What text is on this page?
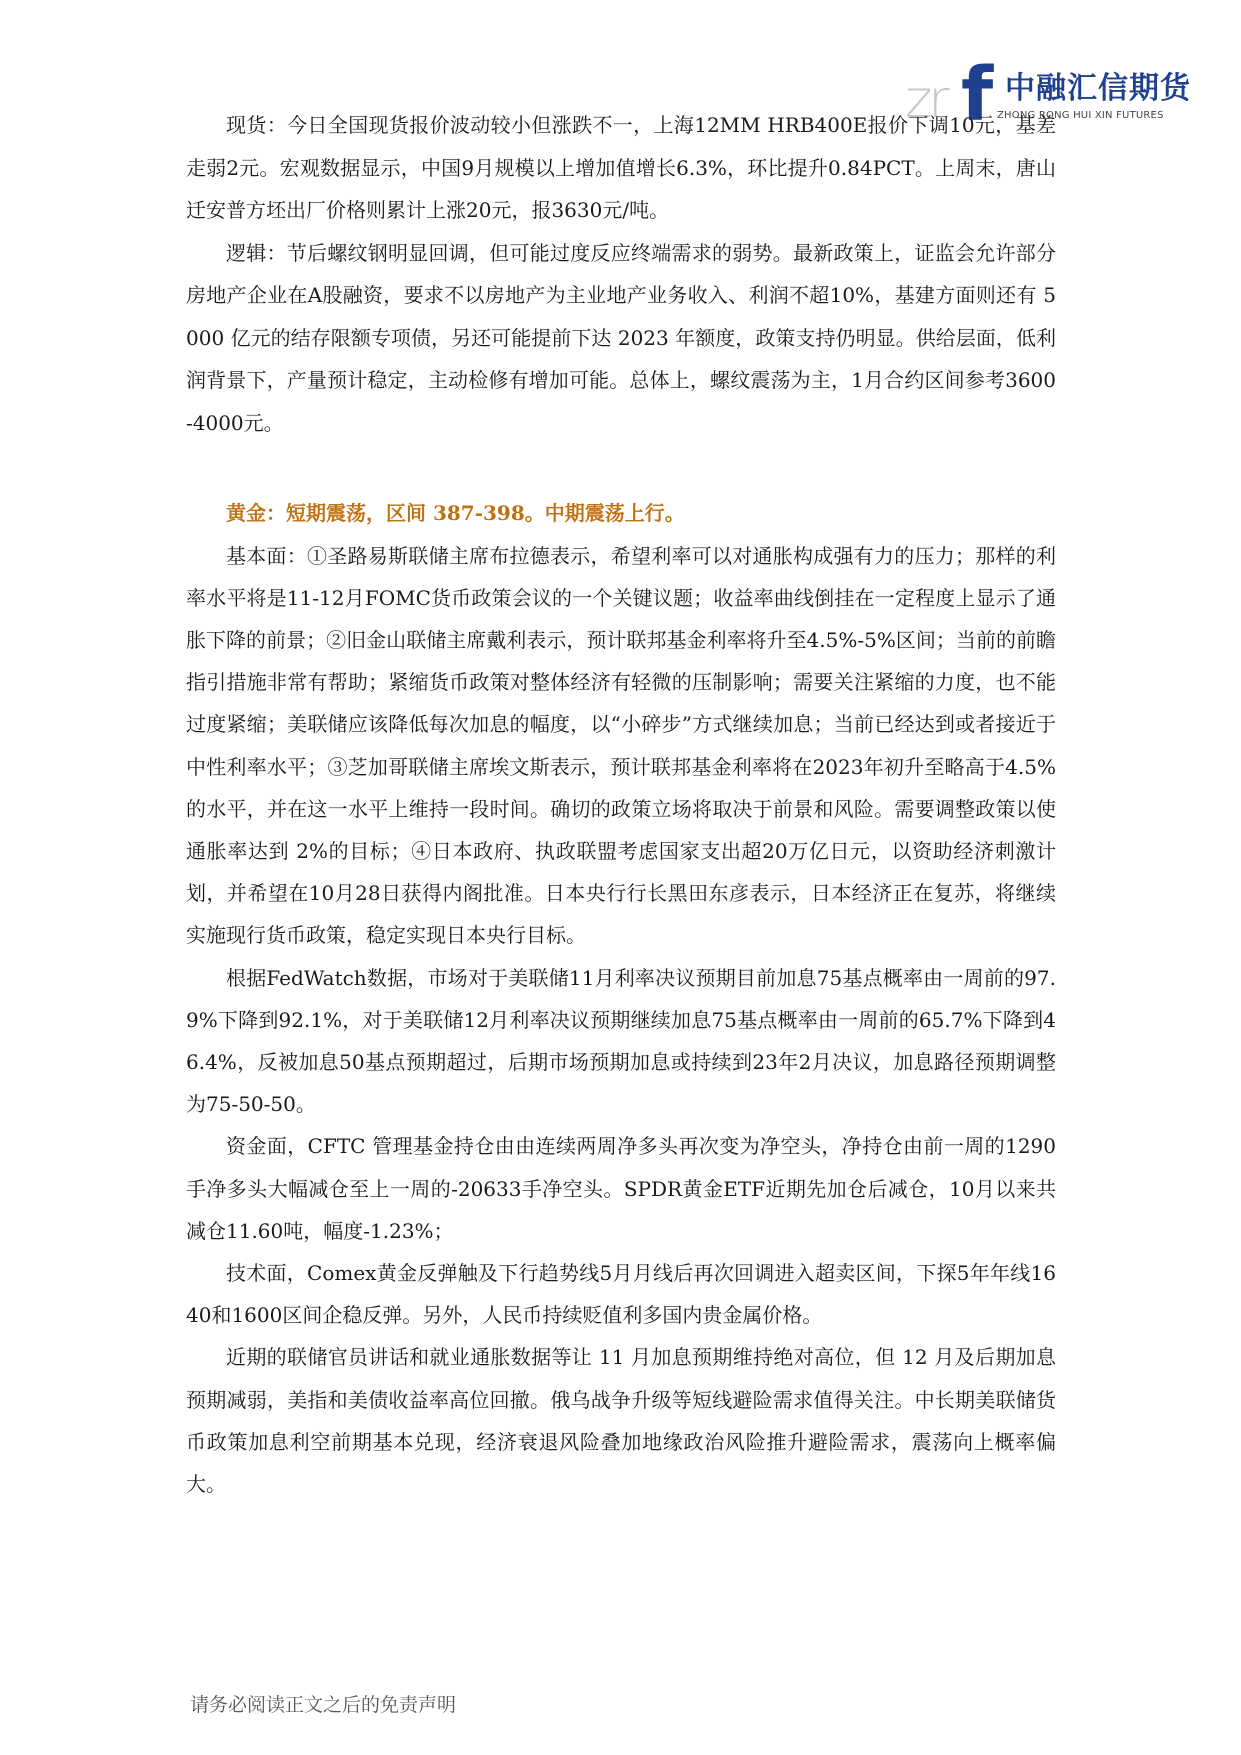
zr f 中融汇信期货
ZHONG RONG HUI XIN FUTURES

现货：今日全国现货报价波动较小但涨跌不一，上海12MM HRB400E报价下调10元，基差走弱2元。宏观数据显示，中国9月规模以上增加值增长6.3%，环比提升0.84PCT。上周末，唐山迁安普方坯出厂价格则累计上涨20元，报3630元/吨。

逻辑：节后螺纹钢明显回调，但可能过度反应终端需求的弱势。最新政策上，证监会允许部分房地产企业在A股融资，要求不以房地产为主业地产业务收入、利润不超10%，基建方面则还有 5000 亿元的结存限额专项债，另还可能提前下达 2023 年额度，政策支持仍明显。供给层面，低利润背景下，产量预计稳定，主动检修有增加可能。总体上，螺纹震荡为主，1月合约区间参考3600-4000元。

黄金：短期震荡，区间 387-398。中期震荡上行。

基本面：①圣路易斯联储主席布拉德表示，希望利率可以对通胀构成强有力的压力；那样的利率水平将是11-12月FOMC货币政策会议的一个关键议题；收益率曲线倒挂在一定程度上显示了通胀下降的前景；②旧金山联储主席戴利表示，预计联邦基金利率将升至4.5%-5%区间；当前的前瞻指引措施非常有帮助；紧缩货币政策对整体经济有轻微的压制影响；需要关注紧缩的力度，也不能过度紧缩；美联储应该降低每次加息的幅度，以“小碎步”方式继续加息；当前已经达到或者接近于中性利率水平；③芝加哥联储主席埃文斯表示，预计联邦基金利率将在2023年初升至略高于4.5%的水平，并在这一水平上维持一段时间。确切的政策立场将取决于前景和风险。需要调整政策以使通胀率达到 2%的目标；④日本政府、执政联盟考虑国家支出超20万亿日元，以资助经济刺激计划，并希望在10月28日获得内阁批准。日本央行行长黑田东彦表示，日本经济正在复苏，将继续实施现行货币政策，稳定实现日本央行目标。

根据FedWatch数据，市场对于美联储11月利率决议预期目前加息75基点概率由一周前的97.9%下降到92.1%，对于美联储12月利率决议预期继续加息75基点概率由一周前的65.7%下降到46.4%，反被加息50基点预期超过，后期市场预期加息或持续到23年2月决议，加息路径预期调整为75-50-50。

资金面，CFTC 管理基金持仓由由连续两周净多头再次变为净空头，净持仓由前一周的1290手净多头大幅减仓至上一周的-20633手净空头。SPDR黄金ETF近期先加仓后减仓，10月以来共减仓11.60吨，幅度-1.23%；

技术面，Comex黄金反弹触及下行趋势线5月月线后再次回调进入超卖区间，下探5年年线1640和1600区间企稳反弹。另外，人民币持续贬值利多国内贵金属价格。

近期的联储官员讲话和就业通胀数据等让 11 月加息预期维持绝对高位，但 12 月及后期加息预期减弱，美指和美债收益率高位回撤。俄乌战争升级等短线避险需求值得关注。中长期美联储货币政策加息利空前期基本兑现，经济衰退风险叠加地缘政治风险推升避险需求，震荡向上概率偏大。

请务必阅读正文之后的免责声明
